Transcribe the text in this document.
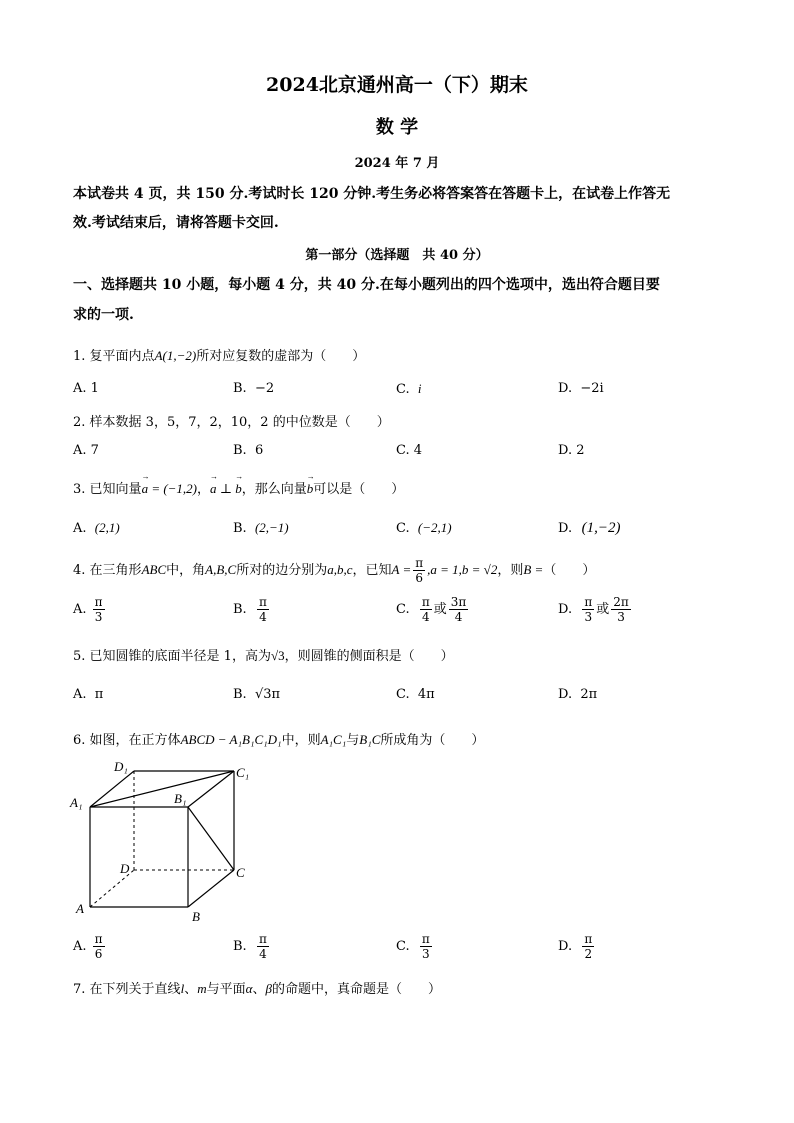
2024北京通州高一（下）期末
数 学
2024 年 7 月
本试卷共 4 页，共 150 分.考试时长 120 分钟.考生务必将答案答在答题卡上，在试卷上作答无
效.考试结束后，请将答题卡交回.
第一部分（选择题　共 40 分）
一、选择题共 10 小题，每小题 4 分，共 40 分.在每小题列出的四个选项中，选出符合题目要
求的一项.
1. 复平面内点A(1,−2)所对应复数的虚部为（　　）
A. 1	B. −2	C. i	D. −2i
2. 样本数据 3，5，7，2，10，2 的中位数是（　　）
A. 7	B. 6	C. 4	D. 2
3. 已知向量→ a = (−1,2)，→ a ⊥ → b，那么向量→ b可以是（　　）
A. (2,1)	B. (2,−1)	C. (−2,1)	D. (1,−2)
4. 在三角形ABC中，角A,B,C所对的边分别为a,b,c，已知$A = \frac{\pi}{6} ,a = 1,b = √2$，则B =（　　）
A. $\frac{\pi}{3}$	B. $\frac{\pi}{4}$	C. $\frac{\pi}{4}$ 或 $\frac{3\pi}{4}$	D. $\frac{\pi}{3}$ 或 $\frac{2\pi}{3}$
5. 已知圆锥的底面半径是 1，高为√3，则圆锥的侧面积是（　　）
A. π	B. √3π	C. 4π	D. 2π
6. 如图，在正方体ABCD − A₁B₁C₁D₁中，则A₁C₁与B₁C所成角为（　　）
D₁	C₁
A₁	B₁
D	C
A
B
A. $\frac{\pi}{6}$	B. $\frac{\pi}{4}$	C. $\frac{\pi}{3}$	D. $\frac{\pi}{2}$
7. 在下列关于直线l、m与平面α、β的命题中，真命题是（　　）
